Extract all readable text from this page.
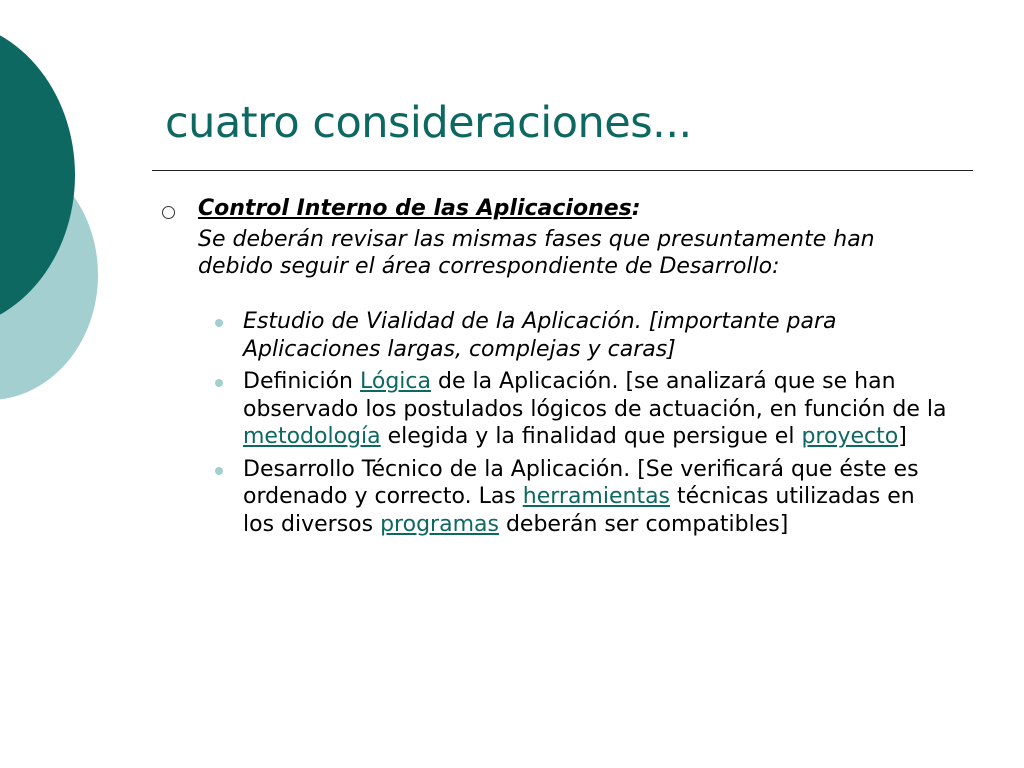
cuatro consideraciones...
Control Interno de las Aplicaciones:
Se deberán revisar las mismas fases que presuntamente han debido seguir el área correspondiente de Desarrollo:
Estudio de Vialidad de la Aplicación. [importante para Aplicaciones largas, complejas y caras]
Definición Lógica de la Aplicación. [se analizará que se han observado los postulados lógicos de actuación, en función de la metodología elegida y la finalidad que persigue el proyecto]
Desarrollo Técnico de la Aplicación. [Se verificará que éste es ordenado y correcto. Las herramientas técnicas utilizadas en los diversos programas deberán ser compatibles]
